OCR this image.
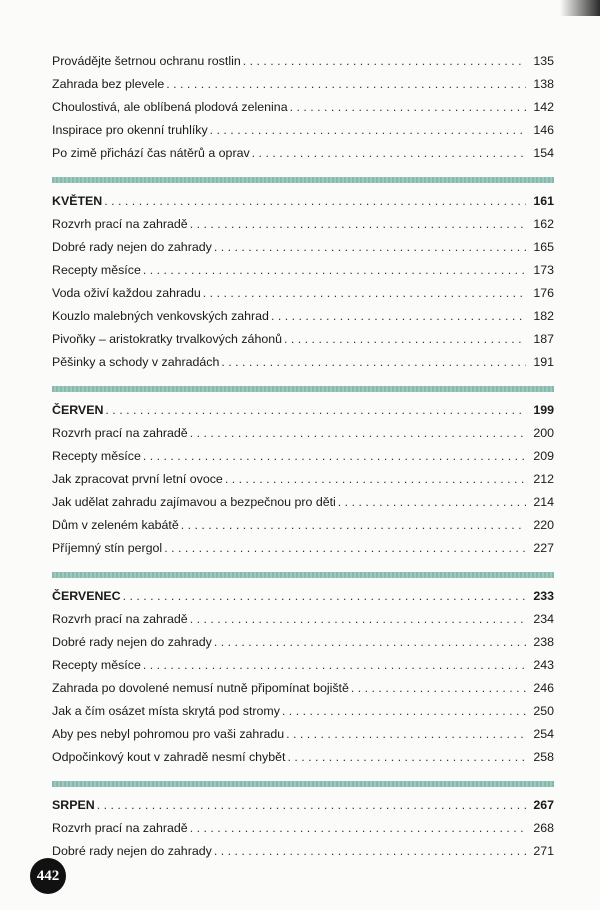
Provádějte šetrnou ochranu rostlin . . .	135
Zahrada bez plevele . . .	138
Choulostivá, ale oblíbená plodová zelenina . . .	142
Inspirace pro okenní truhlíky . . .	146
Po zimě přichází čas nátěrů a oprav . . .	154
KVĚTEN . . .	161
Rozvrh prací na zahradě . . .	162
Dobré rady nejen do zahrady . . .	165
Recepty měsíce . . .	173
Voda oživí každou zahradu . . .	176
Kouzlo malebných venkovských zahrad . . .	182
Pivoňky – aristokratky trvalkových záhonů . . .	187
Pěšinky a schody v zahradách . . .	191
ČERVEN . . .	199
Rozvrh prací na zahradě . . .	200
Recepty měsíce . . .	209
Jak zpracovat první letní ovoce . . .	212
Jak udělat zahradu zajímavou a bezpečnou pro děti . . .	214
Dům v zeleném kabátě . . .	220
Příjemný stín pergol . . .	227
ČERVENEC . . .	233
Rozvrh prací na zahradě . . .	234
Dobré rady nejen do zahrady . . .	238
Recepty měsíce . . .	243
Zahrada po dovolené nemusí nutně připomínat bojiště . . .	246
Jak a čím osázet místa skrytá pod stromy . . .	250
Aby pes nebyl pohromou pro vaši zahradu . . .	254
Odpočinkový kout v zahradě nesmí chybět . . .	258
SRPEN . . .	267
Rozvrh prací na zahradě . . .	268
Dobré rady nejen do zahrady . . .	271
442
